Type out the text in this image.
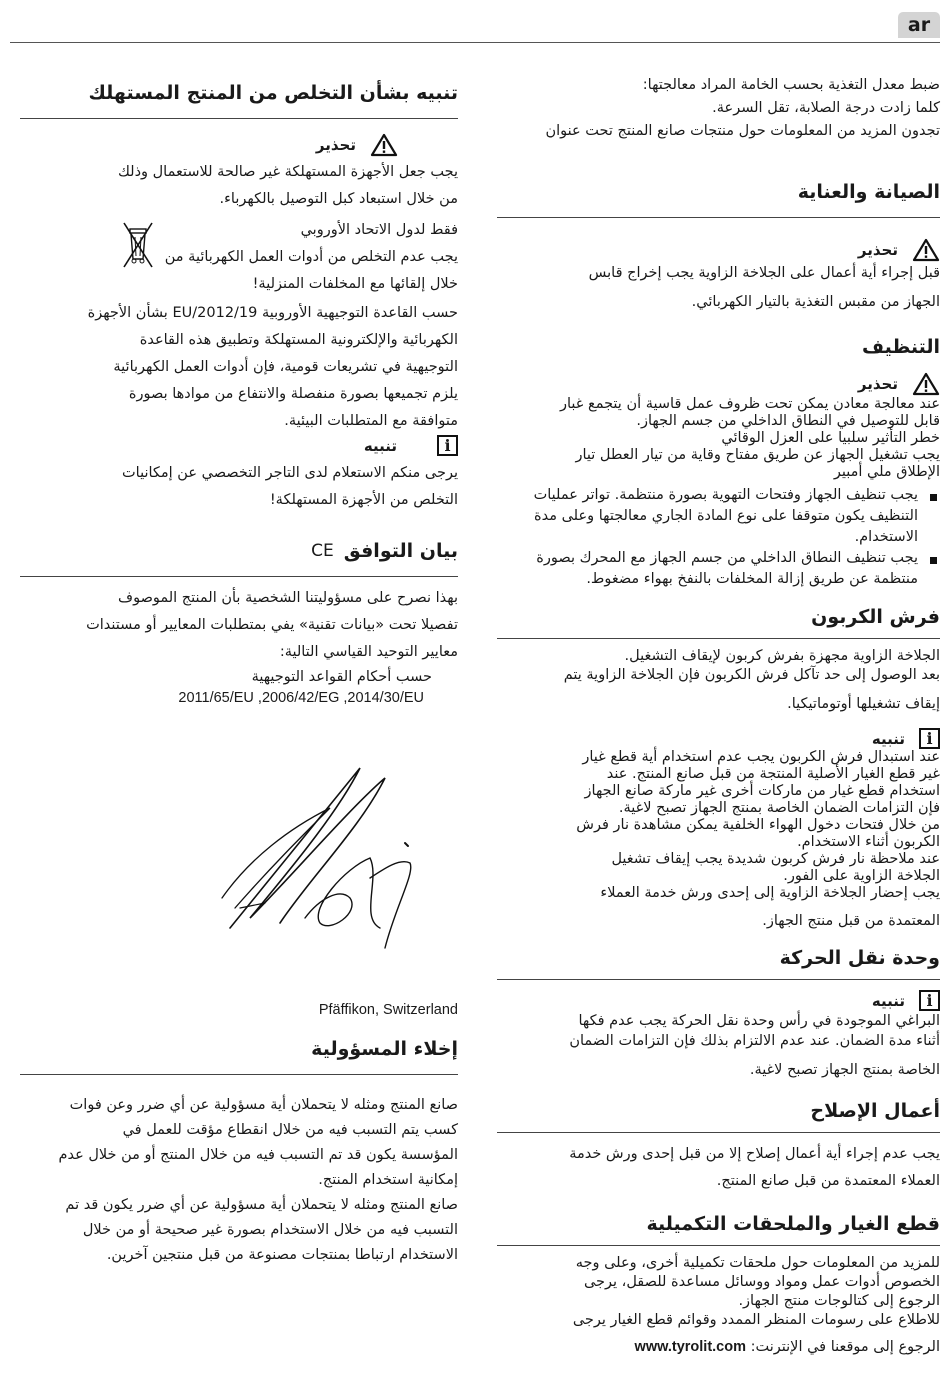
ar

ضبط معدل التغذية بحسب الخامة المراد معالجتها:

كلما زادت درجة الصلابة، تقل السرعة.

تجدون المزيد من المعلومات حول منتجات صانع المنتج تحت عنوان

الصيانة والعناية
تحذير

قبل إجراء أية أعمال على الجلاخة الزاوية يجب إخراج قابس

الجهاز من مقبس التغذية بالتيار الكهربائي.

التنظيف
تحذير

عند معالجة معادن يمكن تحت ظروف عمل قاسية أن يتجمع غبار

قابل للتوصيل في النطاق الداخلي من جسم الجهاز.

خطر التأثير سلبيا على العزل الوقائي

يجب تشغيل الجهاز عن طريق مفتاح وقاية من تيار العطل تيار

الإطلاق ملي أمبير

يجب تنظيف الجهاز وفتحات التهوية بصورة منتظمة. تواتر عمليات التنظيف يكون متوقفا على نوع المادة الجاري معالجتها وعلى مدة الاستخدام.
يجب تنظيف النطاق الداخلي من جسم الجهاز مع المحرك بصورة منتظمة عن طريق إزالة المخلفات بالنفخ بهواء مضغوط.
فرش الكربون

الجلاخة الزاوية مجهزة بفرش كربون لإيقاف التشغيل.

بعد الوصول إلى حد تآكل فرش الكربون فإن الجلاخة الزاوية يتم

إيقاف تشغيلها أوتوماتيكيا.

i
تنبيه

عند استبدال فرش الكربون يجب عدم استخدام أية قطع غيار

غير قطع الغيار الأصلية المنتجة من قبل صانع المنتج. عند

استخدام قطع غيار من ماركات أخرى غير ماركة صانع الجهاز

فإن التزامات الضمان الخاصة بمنتج الجهاز تصبح لاغية.

من خلال فتحات دخول الهواء الخلفية يمكن مشاهدة نار فرش

الكربون أثناء الاستخدام.

عند ملاحظة نار فرش كربون شديدة يجب إيقاف تشغيل

الجلاخة الزاوية على الفور.

يجب إحضار الجلاخة الزاوية إلى إحدى ورش خدمة العملاء

المعتمدة من قبل منتج الجهاز.

وحدة نقل الحركة
i
تنبيه

البراغي الموجودة في رأس وحدة نقل الحركة يجب عدم فكها

أثناء مدة الضمان. عند عدم الالتزام بذلك فإن التزامات الضمان

الخاصة بمنتج الجهاز تصبح لاغية.

أعمال الإصلاح

يجب عدم إجراء أية أعمال إصلاح إلا من قبل إحدى ورش خدمة

العملاء المعتمدة من قبل صانع المنتج.

قطع الغيار والملحقات التكميلية

للمزيد من المعلومات حول ملحقات تكميلية أخرى، وعلى وجه

الخصوص أدوات عمل ومواد ووسائل مساعدة للصقل، يرجى

الرجوع إلى كتالوجات منتج الجهاز.

للاطلاع على رسومات المنظر الممدد وقوائم قطع الغيار يرجى

الرجوع إلى موقعنا في الإنترنت: www.tyrolit.com

تنبيه بشأن التخلص من المنتج المستهلك
تحذير

يجب جعل الأجهزة المستهلكة غير صالحة للاستعمال وذلك

من خلال استبعاد كبل التوصيل بالكهرباء.

فقط لدول الاتحاد الأوروبي

يجب عدم التخلص من أدوات العمل الكهربائية من

خلال إلقائها مع المخلفات المنزلية!

حسب القاعدة التوجيهية الأوروبية 2012/19/EU بشأن الأجهزة

الكهربائية والإلكترونية المستهلكة وتطبيق هذه القاعدة

التوجيهية في تشريعات قومية، فإن أدوات العمل الكهربائية

يلزم تجميعها بصورة منفصلة والانتفاع من موادها بصورة

متوافقة مع المتطلبات البيئية.

i
تنبيه

يرجى منكم الاستعلام لدى التاجر التخصصي عن إمكانيات

التخلص من الأجهزة المستهلكة!

بيان التوافق
CE

بهذا نصرح على مسؤوليتنا الشخصية بأن المنتج الموصوف

تفصيلا تحت «بيانات تقنية» يفي بمتطلبات المعايير أو مستندات

معايير التوحيد القياسي التالية:

حسب أحكام القواعد التوجيهية

2011/65/EU ,2006/42/EG ,2014/30/EU

Pfäffikon, Switzerland

إخلاء المسؤولية

صانع المنتج ومثله لا يتحملان أية مسؤولية عن أي ضرر وعن فوات

كسب يتم التسبب فيه من خلال انقطاع مؤقت للعمل في

المؤسسة يكون قد تم التسبب فيه من خلال المنتج أو من خلال عدم

إمكانية استخدام المنتج.

صانع المنتج ومثله لا يتحملان أية مسؤولية عن أي ضرر يكون قد تم

التسبب فيه من خلال الاستخدام بصورة غير صحيحة أو من خلال

الاستخدام ارتباطا بمنتجات مصنوعة من قبل منتجين آخرين.
